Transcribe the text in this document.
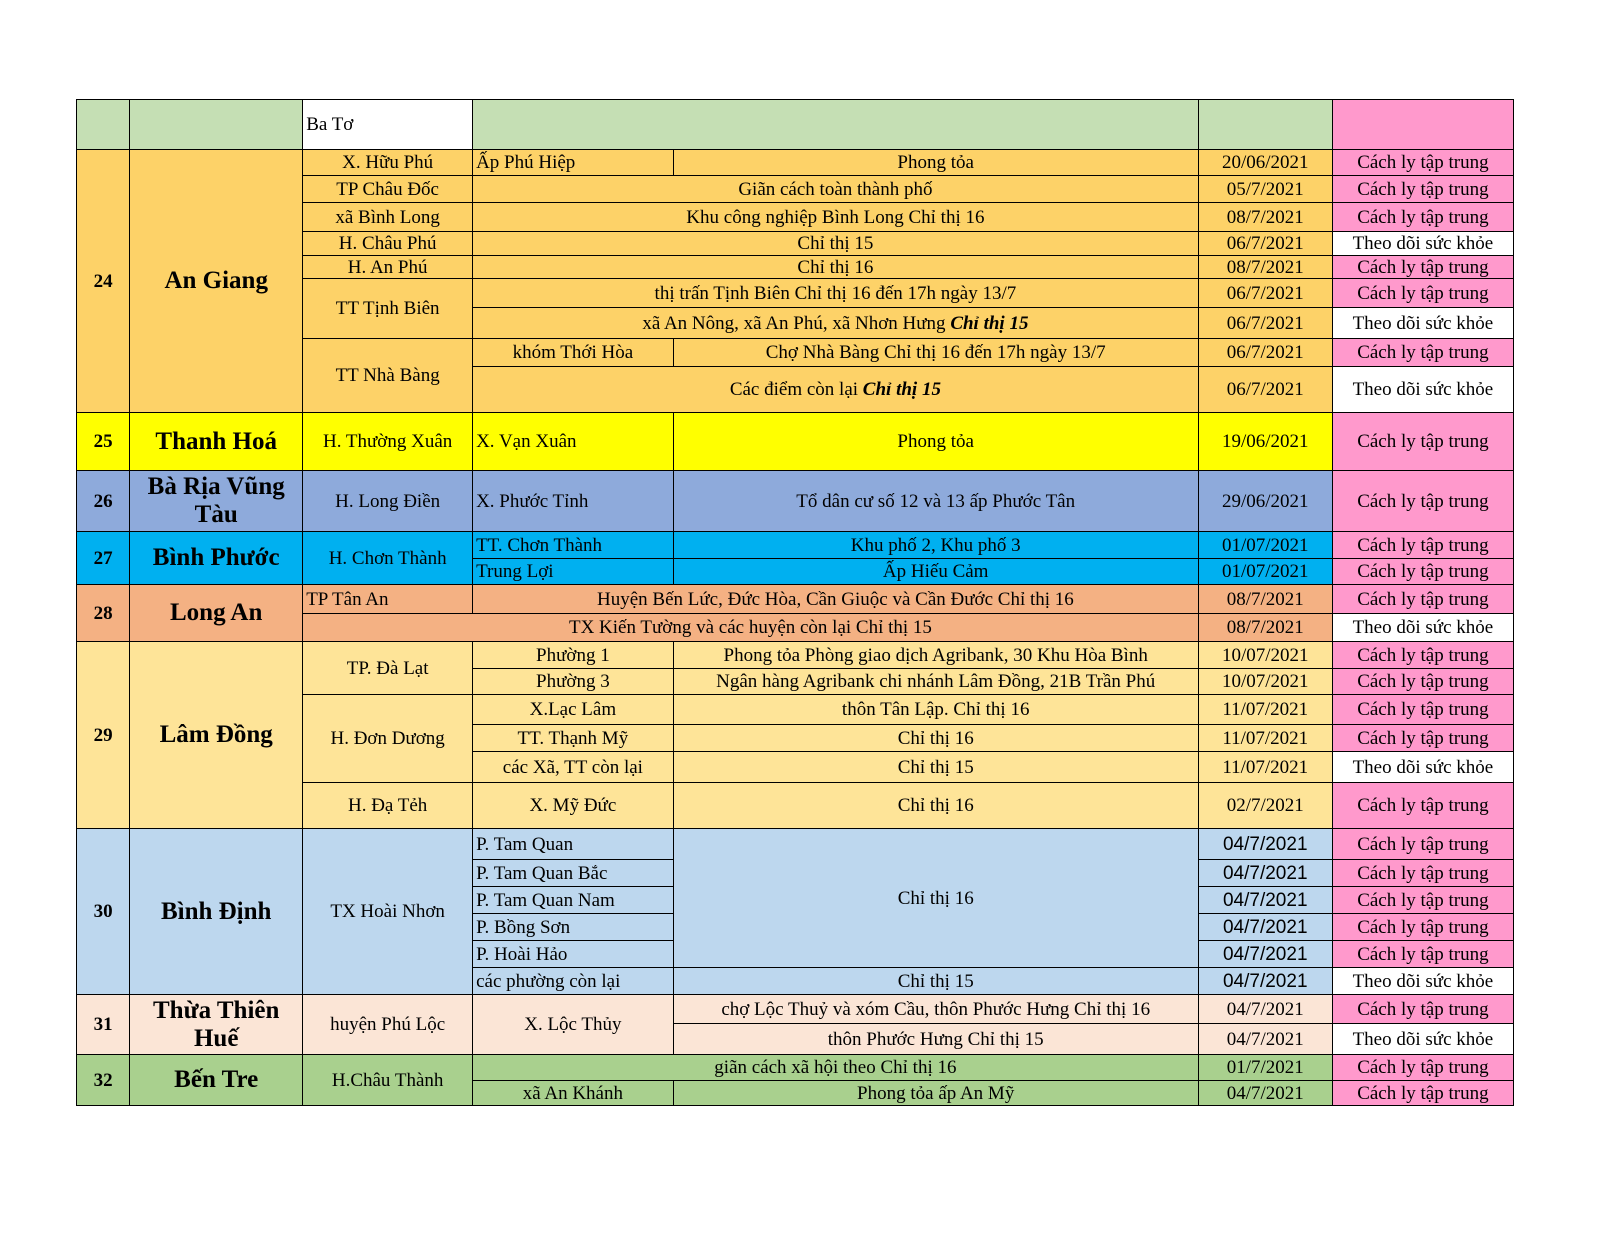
		Ba Tơ				
24	An Giang	X. Hữu Phú	Ấp Phú Hiệp	Phong tỏa	20/06/2021	Cách ly tập trung
		TP Châu Đốc	Giãn cách toàn thành phố		05/7/2021	Cách ly tập trung
		xã Bình Long	Khu công nghiệp Bình Long Chỉ thị 16		08/7/2021	Cách ly tập trung
		H. Châu Phú	Chỉ thị 15		06/7/2021	Theo dõi sức khỏe
		H. An Phú	Chỉ thị 16		08/7/2021	Cách ly tập trung
		TT Tịnh Biên	thị trấn Tịnh Biên Chỉ thị 16 đến 17h ngày 13/7		06/7/2021	Cách ly tập trung
			xã An Nông, xã An Phú, xã Nhơn Hưng Chỉ thị 15		06/7/2021	Theo dõi sức khỏe
		TT Nhà Bàng	khóm Thới Hòa	Chợ Nhà Bàng Chỉ thị 16 đến 17h ngày 13/7	06/7/2021	Cách ly tập trung
			Các điểm còn lại Chỉ thị 15		06/7/2021	Theo dõi sức khỏe
25	Thanh Hoá	H. Thường Xuân	X. Vạn Xuân	Phong tỏa	19/06/2021	Cách ly tập trung
26	Bà Rịa Vũng Tàu	H. Long Điền	X. Phước Tỉnh	Tổ dân cư số 12 và 13 ấp Phước Tân	29/06/2021	Cách ly tập trung
27	Bình Phước	H. Chơn Thành	TT. Chơn Thành	Khu phố 2, Khu phố 3	01/07/2021	Cách ly tập trung
			Trung Lợi	Ấp Hiếu Cảm	01/07/2021	Cách ly tập trung
28	Long An	TP Tân An	Huyện Bến Lức, Đức Hòa, Cần Giuộc và Cần Đước Chỉ thị 16		08/7/2021	Cách ly tập trung
		TX Kiến Tường và các huyện còn lại Chỉ thị 15			08/7/2021	Theo dõi sức khỏe
29	Lâm Đồng	TP. Đà Lạt	Phường 1	Phong tỏa Phòng giao dịch Agribank, 30 Khu Hòa Bình	10/07/2021	Cách ly tập trung
			Phường 3	Ngân hàng Agribank chi nhánh Lâm Đồng, 21B Trần Phú	10/07/2021	Cách ly tập trung
		H. Đơn Dương	X.Lạc Lâm	thôn Tân Lập. Chỉ thị 16	11/07/2021	Cách ly tập trung
			TT. Thạnh Mỹ	Chỉ thị 16	11/07/2021	Cách ly tập trung
			các Xã, TT còn lại	Chỉ thị 15	11/07/2021	Theo dõi sức khỏe
		H. Đạ Tẻh	X. Mỹ Đức	Chỉ thị 16	02/7/2021	Cách ly tập trung
30	Bình Định	TX Hoài Nhơn	P. Tam Quan	Chỉ thị 16	04/7/2021	Cách ly tập trung
			P. Tam Quan Bắc		04/7/2021	Cách ly tập trung
			P. Tam Quan Nam		04/7/2021	Cách ly tập trung
			P. Bồng Sơn		04/7/2021	Cách ly tập trung
			P. Hoài Hảo		04/7/2021	Cách ly tập trung
			các phường còn lại	Chỉ thị 15	04/7/2021	Theo dõi sức khỏe
31	Thừa Thiên Huế	huyện Phú Lộc	X. Lộc Thủy	chợ Lộc Thuỷ và xóm Cầu, thôn Phước Hưng Chỉ thị 16	04/7/2021	Cách ly tập trung
				thôn Phước Hưng Chỉ thị 15	04/7/2021	Theo dõi sức khỏe
32	Bến Tre	H.Châu Thành	giãn cách xã hội theo Chỉ thị 16		01/7/2021	Cách ly tập trung
			xã An Khánh	Phong tỏa ấp An Mỹ	04/7/2021	Cách ly tập trung
